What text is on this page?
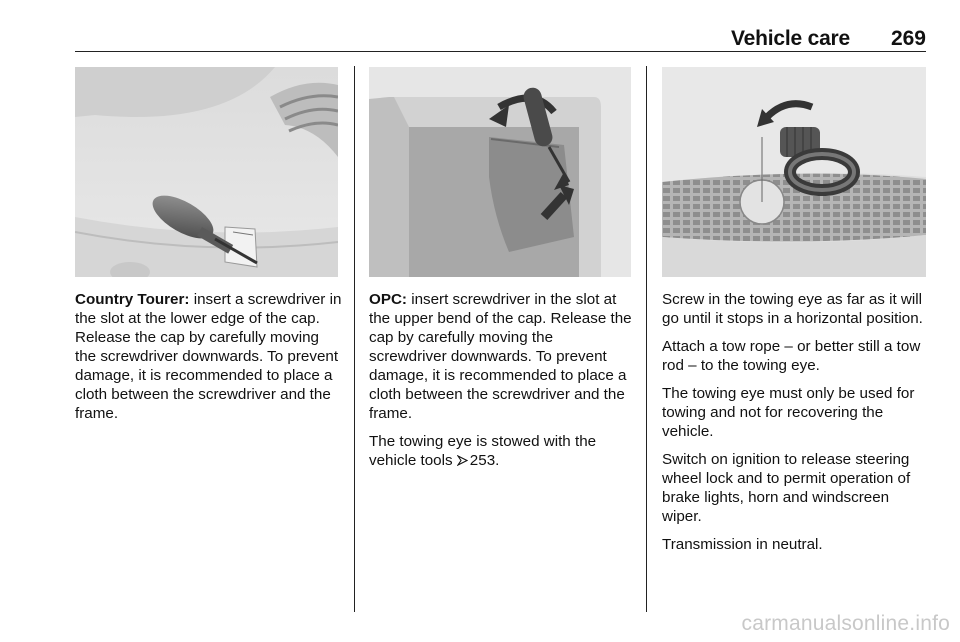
Vehicle care	269

Country Tourer: insert a screwdriver in the slot at the lower edge of the cap. Release the cap by carefully moving the screwdriver downwards. To prevent damage, it is recommended to place a cloth between the screwdriver and the frame.

OPC: insert screwdriver in the slot at the upper bend of the cap. Release the cap by carefully moving the screwdriver downwards. To prevent damage, it is recommended to place a cloth between the screwdriver and the frame.

The towing eye is stowed with the vehicle tools 253.

Screw in the towing eye as far as it will go until it stops in a horizontal position.

Attach a tow rope – or better still a tow rod – to the towing eye.

The towing eye must only be used for towing and not for recovering the vehicle.

Switch on ignition to release steering wheel lock and to permit operation of brake lights, horn and windscreen wiper.

Transmission in neutral.

carmanualsonline.info
